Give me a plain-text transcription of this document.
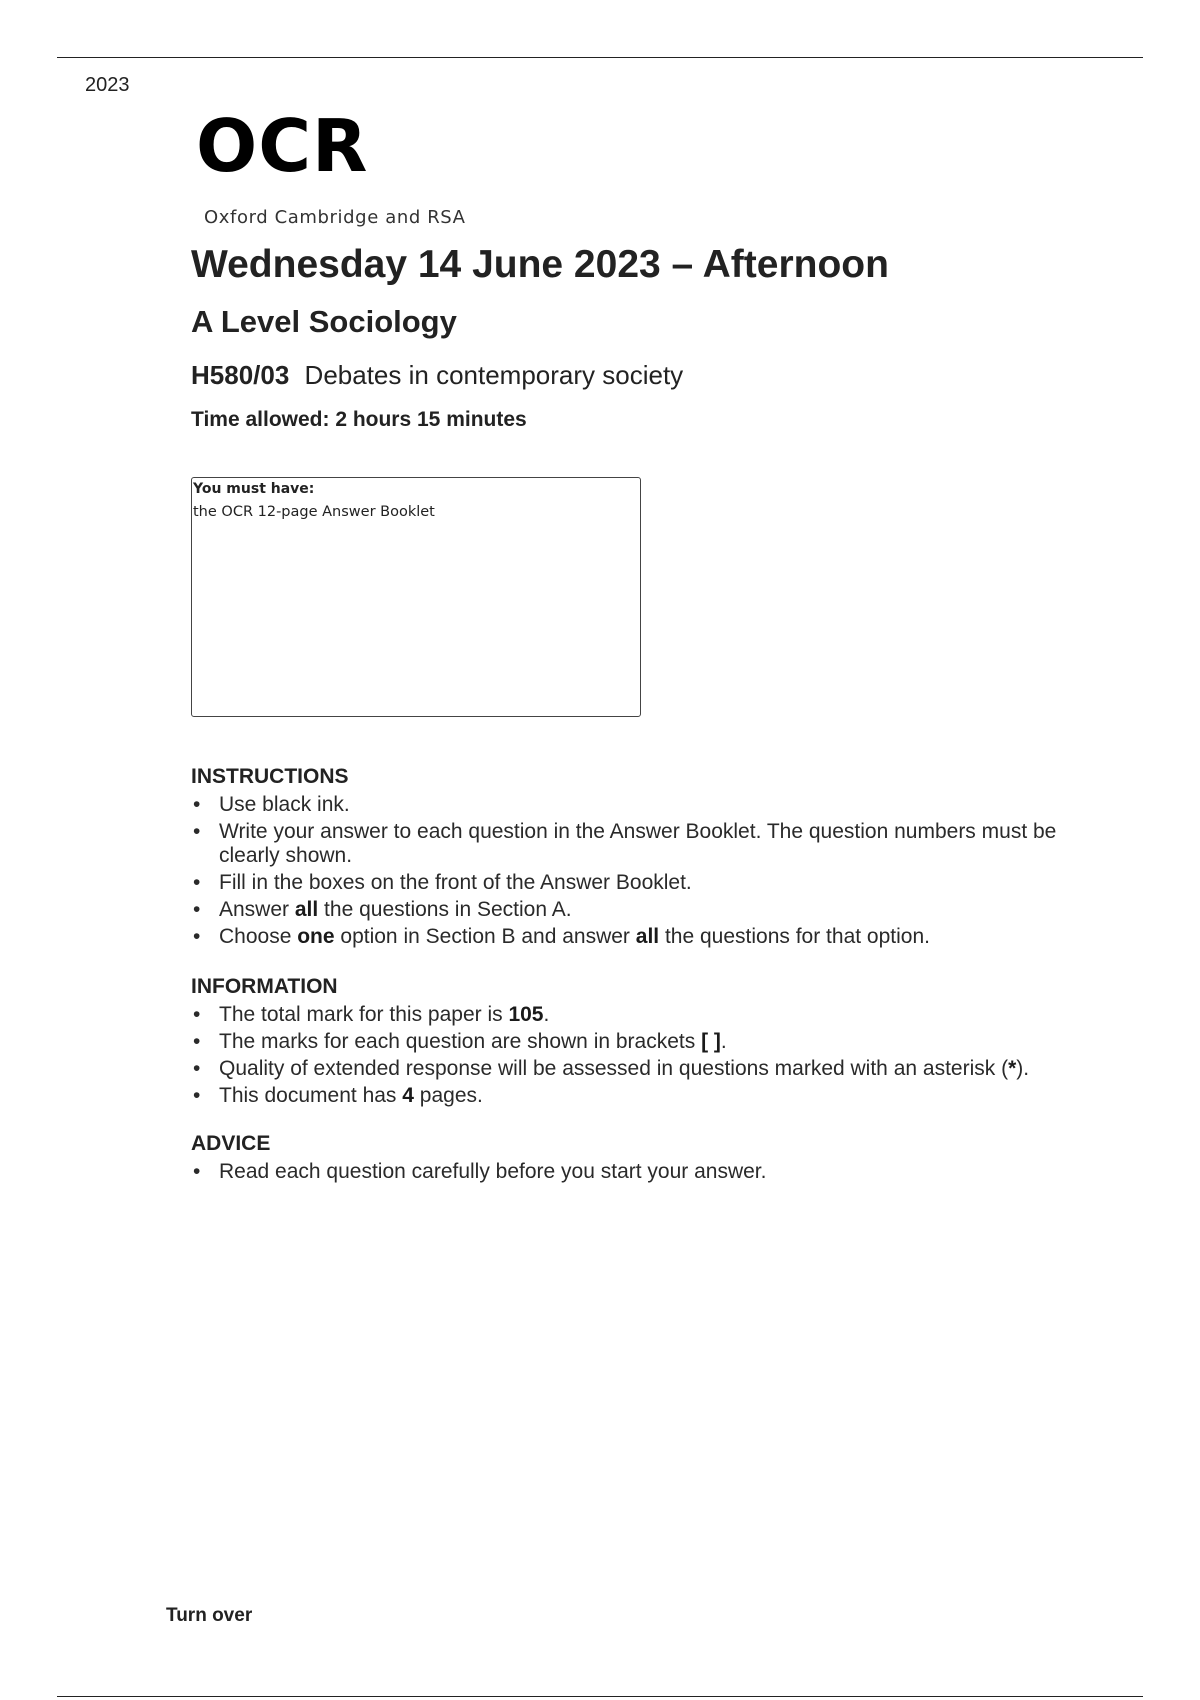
2023
OCR
Oxford Cambridge and RSA
Wednesday 14 June 2023 – Afternoon
A Level Sociology
H580/03 Debates in contemporary society
Time allowed: 2 hours 15 minutes
You must have:
the OCR 12-page Answer Booklet
INSTRUCTIONS
• Use black ink.
• Write your answer to each question in the Answer Booklet. The question numbers must be clearly shown.
• Fill in the boxes on the front of the Answer Booklet.
• Answer all the questions in Section A.
• Choose one option in Section B and answer all the questions for that option.
INFORMATION
• The total mark for this paper is 105.
• The marks for each question are shown in brackets [ ].
• Quality of extended response will be assessed in questions marked with an asterisk (*).
• This document has 4 pages.
ADVICE
• Read each question carefully before you start your answer.
Turn over
